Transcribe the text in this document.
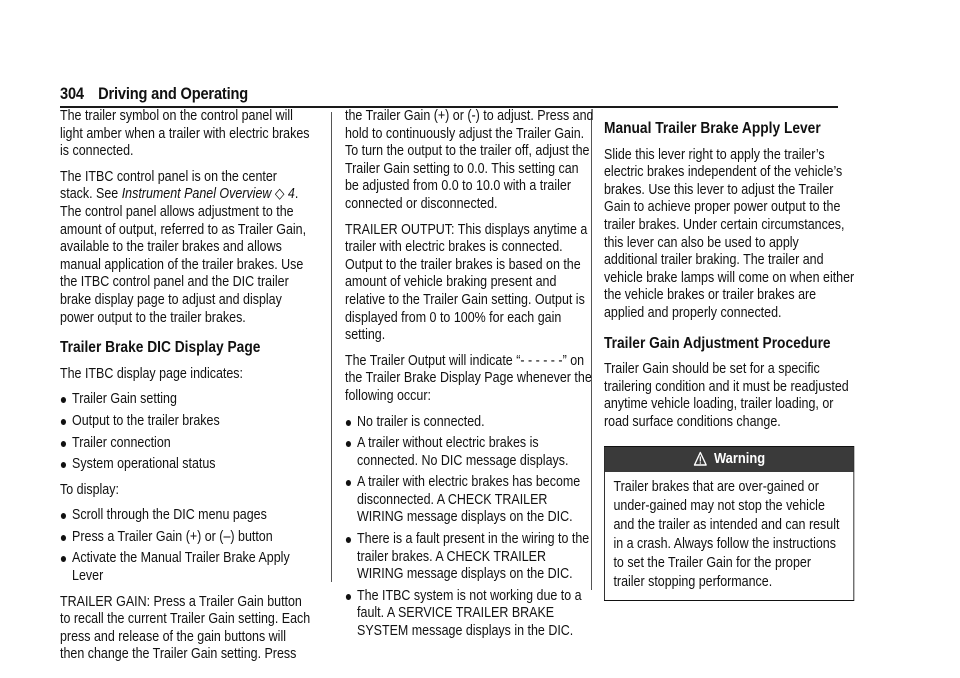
304 Driving and Operating

The trailer symbol on the control panel will light amber when a trailer with electric brakes is connected.

The ITBC control panel is on the center stack. See Instrument Panel Overview ◇ 4. The control panel allows adjustment to the amount of output, referred to as Trailer Gain, available to the trailer brakes and allows manual application of the trailer brakes. Use the ITBC control panel and the DIC trailer brake display page to adjust and display power output to the trailer brakes.

Trailer Brake DIC Display Page

The ITBC display page indicates:

Trailer Gain setting
Output to the trailer brakes
Trailer connection
System operational status

To display:

Scroll through the DIC menu pages
Press a Trailer Gain (+) or (–) button
Activate the Manual Trailer Brake Apply Lever

TRAILER GAIN: Press a Trailer Gain button to recall the current Trailer Gain setting. Each press and release of the gain buttons will then change the Trailer Gain setting. Press

the Trailer Gain (+) or (-) to adjust. Press and hold to continuously adjust the Trailer Gain. To turn the output to the trailer off, adjust the Trailer Gain setting to 0.0. This setting can be adjusted from 0.0 to 10.0 with a trailer connected or disconnected.

TRAILER OUTPUT: This displays anytime a trailer with electric brakes is connected. Output to the trailer brakes is based on the amount of vehicle braking present and relative to the Trailer Gain setting. Output is displayed from 0 to 100% for each gain setting.

The Trailer Output will indicate “- - - - - -” on the Trailer Brake Display Page whenever the following occur:

No trailer is connected.
A trailer without electric brakes is connected. No DIC message displays.
A trailer with electric brakes has become disconnected. A CHECK TRAILER WIRING message displays on the DIC.
There is a fault present in the wiring to the trailer brakes. A CHECK TRAILER WIRING message displays on the DIC.
The ITBC system is not working due to a fault. A SERVICE TRAILER BRAKE SYSTEM message displays in the DIC.
Manual Trailer Brake Apply Lever

Slide this lever right to apply the trailer’s electric brakes independent of the vehicle’s brakes. Use this lever to adjust the Trailer Gain to achieve proper power output to the trailer brakes. Under certain circumstances, this lever can also be used to apply additional trailer braking. The trailer and vehicle brake lamps will come on when either the vehicle brakes or trailer brakes are applied and properly connected.

Trailer Gain Adjustment Procedure

Trailer Gain should be set for a specific trailering condition and it must be readjusted anytime vehicle loading, trailer loading, or road surface conditions change.

Warning
Trailer brakes that are over-gained or under-gained may not stop the vehicle and the trailer as intended and can result in a crash. Always follow the instructions to set the Trailer Gain for the proper trailer stopping performance.
